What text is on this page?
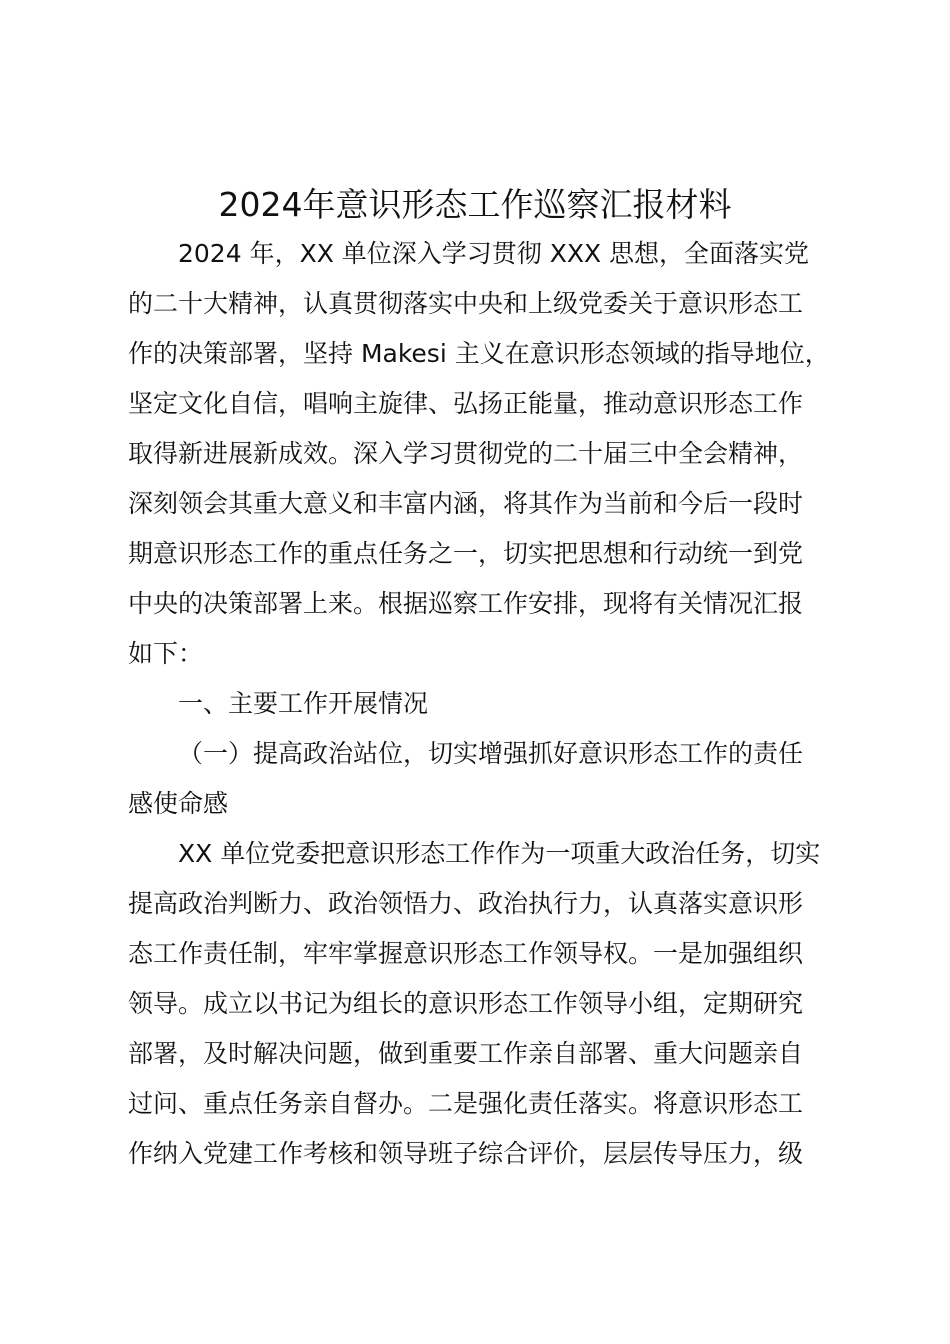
2024年意识形态工作巡察汇报材料
2024 年，XX 单位深入学习贯彻 XXX 思想，全面落实党
的二十大精神，认真贯彻落实中央和上级党委关于意识形态工
作的决策部署，坚持 Makesi 主义在意识形态领域的指导地位，
坚定文化自信，唱响主旋律、弘扬正能量，推动意识形态工作
取得新进展新成效。深入学习贯彻党的二十届三中全会精神，
深刻领会其重大意义和丰富内涵，将其作为当前和今后一段时
期意识形态工作的重点任务之一，切实把思想和行动统一到党
中央的决策部署上来。根据巡察工作安排，现将有关情况汇报
如下：
一、主要工作开展情况
（一）提高政治站位，切实增强抓好意识形态工作的责任
感使命感
XX 单位党委把意识形态工作作为一项重大政治任务，切实
提高政治判断力、政治领悟力、政治执行力，认真落实意识形
态工作责任制，牢牢掌握意识形态工作领导权。一是加强组织
领导。成立以书记为组长的意识形态工作领导小组，定期研究
部署，及时解决问题，做到重要工作亲自部署、重大问题亲自
过问、重点任务亲自督办。二是强化责任落实。将意识形态工
作纳入党建工作考核和领导班子综合评价，层层传导压力，级
